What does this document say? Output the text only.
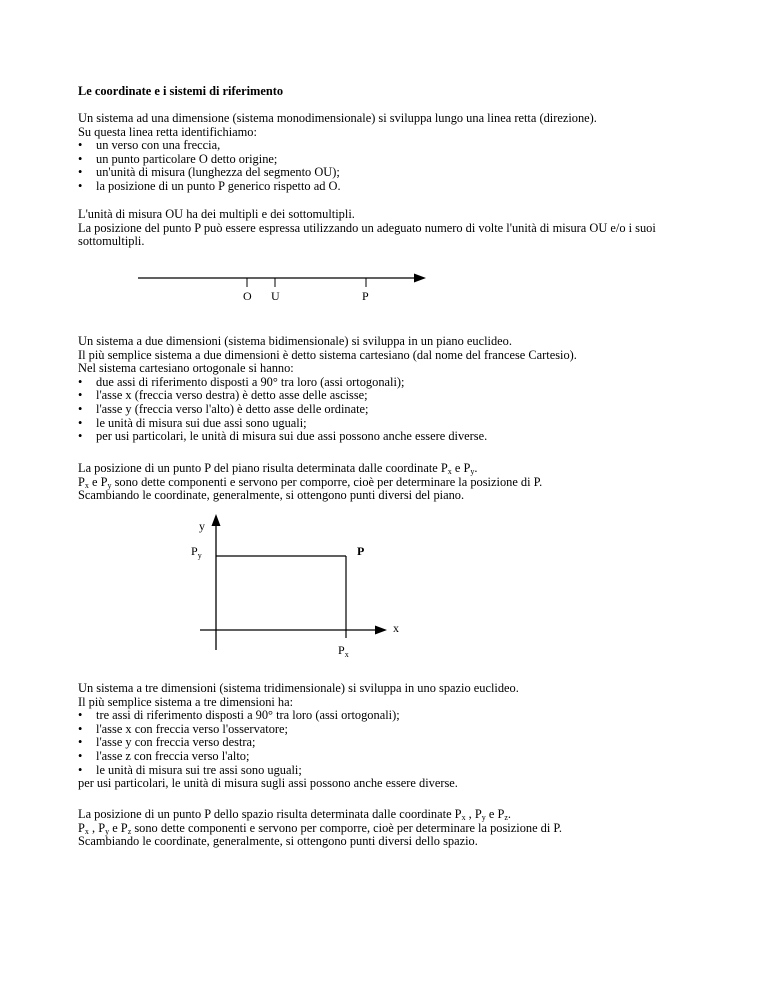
Le coordinate e i sistemi di riferimento
Un sistema ad una dimensione (sistema monodimensionale) si sviluppa lungo una linea retta (direzione).
Su questa linea retta identifichiamo:
• un verso con una freccia,
• un punto particolare O detto origine;
• un'unità di misura (lunghezza del segmento OU);
• la posizione di un punto P generico rispetto ad O.
L'unità di misura OU ha dei multipli e dei sottomultipli.
La posizione del punto P può essere espressa utilizzando un adeguato numero di volte l'unità di misura OU e/o i suoi
sottomultipli.
O U	P
Un sistema a due dimensioni (sistema bidimensionale) si sviluppa in un piano euclideo.
Il più semplice sistema a due dimensioni è detto sistema cartesiano (dal nome del francese Cartesio).
Nel sistema cartesiano ortogonale si hanno:
• due assi di riferimento disposti a 90° tra loro (assi ortogonali);
• l'asse x (freccia verso destra) è detto asse delle ascisse;
• l'asse y (freccia verso l'alto) è detto asse delle ordinate;
• le unità di misura sui due assi sono uguali;
• per usi particolari, le unità di misura sui due assi possono anche essere diverse.
La posizione di un punto P del piano risulta determinata dalle coordinate $P_x$ e $P_y$.
$P_x$ e $P_y$ sono dette componenti e servono per comporre, cioè per determinare la posizione di P.
Scambiando le coordinate, generalmente, si ottengono punti diversi del piano.
y
x
$P_y$
$P_x$
P
Un sistema a tre dimensioni (sistema tridimensionale) si sviluppa in uno spazio euclideo.
Il più semplice sistema a tre dimensioni ha:
• tre assi di riferimento disposti a 90° tra loro (assi ortogonali);
• l'asse x con freccia verso l'osservatore;
• l'asse y con freccia verso destra;
• l'asse z con freccia verso l'alto;
• le unità di misura sui tre assi sono uguali;
per usi particolari, le unità di misura sugli assi possono anche essere diverse.
La posizione di un punto P dello spazio risulta determinata dalle coordinate $P_x$ , $P_y$ e $P_z$.
$P_x$ , $P_y$ e $P_z$ sono dette componenti e servono per comporre, cioè per determinare la posizione di P.
Scambiando le coordinate, generalmente, si ottengono punti diversi dello spazio.
